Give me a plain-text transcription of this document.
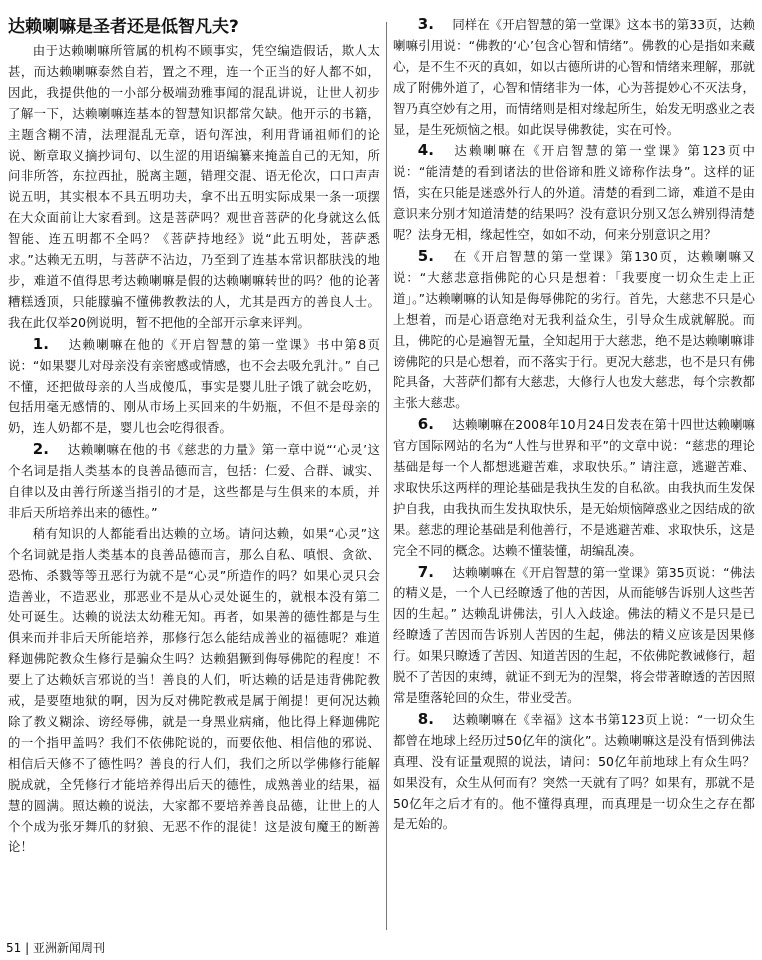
达赖喇嘛是圣者还是低智凡夫?

由于达赖喇嘛所管属的机构不顾事实，凭空编造假话，欺人太甚，而达赖喇嘛泰然自若，置之不理，连一个正当的好人都不如，因此，我提供他的一小部分极端劲雅事闻的混乱讲说，让世人初步了解一下，达赖喇嘛连基本的智慧知识都常欠缺。他开示的书籍，主题含糊不清，法理混乱无章，语句浑浊，利用背诵祖师们的论说、断章取义摘抄词句、以生涩的用语编纂来掩盖自己的无知，所问非所答，东拉西扯，脱离主题，错理交混、语无伦次，口口声声说五明，其实根本不具五明功夫，拿不出五明实际成果一条一项摆在大众面前让大家看到。这是菩萨吗？观世音菩萨的化身就这么低智能、连五明都不全吗？《菩萨持地经》说“此五明处，菩萨悉求。”达赖无五明，与菩萨不沾边，乃至到了连基本常识都肤浅的地步，难道不值得思考达赖喇嘛是假的达赖喇嘛转世的吗？他的论著糟糕透顶，只能朦骗不懂佛教教法的人，尤其是西方的善良人士。我在此仅举20例说明，暂不把他的全部开示拿来评判。

1. 达赖喇嘛在他的《开启智慧的第一堂课》书中第8页说：“如果婴儿对母亲没有亲密感或情感，也不会去吸允乳汁。” 自己不懂，还把做母亲的人当成傻瓜，事实是婴儿肚子饿了就会吃奶，包括用毫无感情的、刚从市场上买回来的牛奶瓶，不但不是母亲的奶，连人奶都不是，婴儿也会吃得很香。

2. 达赖喇嘛在他的书《慈悲的力量》第一章中说“‘心灵’这个名词是指人类基本的良善品德而言，包括：仁爱、合群、诚实、自律以及由善行所遂当指引的才是，这些都是与生俱来的本质，并非后天所培养出来的德性。”

稍有知识的人都能看出达赖的立场。请问达赖，如果“心灵”这个名词就是指人类基本的良善品德而言，那么自私、嗔恨、贪欲、恐怖、杀戮等等丑恶行为就不是“心灵”所造作的吗？如果心灵只会造善业，不造恶业，那恶业不是从心灵处诞生的，就根本没有第二处可诞生。达赖的说法太幼稚无知。再者，如果善的德性都是与生俱来而并非后天所能培养，那修行怎么能结成善业的福德呢？难道释迦佛陀教众生修行是骗众生吗？达赖猖獗到侮辱佛陀的程度！不要上了达赖妖言邪说的当！善良的人们，听达赖的话是违背佛陀教戒，是要堕地狱的啊，因为反对佛陀教戒是属于阐提！更何况达赖除了教义糊涂、谤经辱佛，就是一身黑业病痛，他比得上释迦佛陀的一个指甲盖吗？我们不依佛陀说的，而要依他、相信他的邪说、相信后天修不了德性吗？善良的行人们，我们之所以学佛修行能解脱成就，全凭修行才能培养得出后天的德性，成熟善业的结果，福慧的圆满。照达赖的说法，大家都不要培养善良品德，让世上的人个个成为张牙舞爪的豺狼、无恶不作的混徒！这是波旬魔王的断善论！

3. 同样在《开启智慧的第一堂课》这本书的第33页，达赖喇嘛引用说：“佛教的‘心’包含心智和情绪”。佛教的心是指如来藏心，是不生不灭的真如，如以古德所讲的心智和情绪来理解，那就成了附佛外道了，心智和情绪非为一体，心为菩提妙心不灭法身，智乃真空妙有之用，而情绪则是相对缘起所生，始发无明惑业之表显，是生死烦恼之根。如此误导佛教徒，实在可怜。

4. 达赖喇嘛在《开启智慧的第一堂课》第123页中说：“能清楚的看到诸法的世俗谛和胜义谛称作法身”。这样的证悟，实在只能是迷惑外行人的外道。清楚的看到二谛，难道不是由意识来分别才知道清楚的结果吗？没有意识分别又怎么辨别得清楚呢？法身无相，缘起性空，如如不动，何来分别意识之用？

5. 在《开启智慧的第一堂课》第130页，达赖喇嘛又说：“大慈悲意指佛陀的心只是想着：「我要度一切众生走上正道」。”达赖喇嘛的认知是侮辱佛陀的劣行。首先，大慈悲不只是心上想着，而是心语意绝对无我利益众生，引导众生成就解脱。而且，佛陀的心是遍智无量，全知起用于大慈悲，绝不是达赖喇嘛诽谤佛陀的只是心想着，而不落实于行。更况大慈悲，也不是只有佛陀具备，大菩萨们都有大慈悲，大修行人也发大慈悲，每个宗教都主张大慈悲。

6. 达赖喇嘛在2008年10月24日发表在第十四世达赖喇嘛官方国际网站的名为“人性与世界和平”的文章中说：“慈悲的理论基础是每一个人都想逃避苦难，求取快乐。” 请注意，逃避苦难、求取快乐这两样的理论基础是我执生发的自私欲。由我执而生发保护自我，由我执而生发执取快乐，是无始烦恼障惑业之因结成的欲果。慈悲的理论基础是利他善行，不是逃避苦难、求取快乐，这是完全不同的概念。达赖不懂装懂，胡编乱凑。

7. 达赖喇嘛在《开启智慧的第一堂课》第35页说：“佛法的精义是，一个人已经瞭透了他的苦因，从而能够告诉别人这些苦因的生起。” 达赖乱讲佛法，引人入歧途。佛法的精义不是只是已经瞭透了苦因而告诉别人苦因的生起，佛法的精义应该是因果修行。如果只瞭透了苦因、知道苦因的生起，不依佛陀教诫修行，超脱不了苦因的束缚，就证不到无为的涅槃，将会带著瞭透的苦因照常是堕落轮回的众生，带业受苦。

8. 达赖喇嘛在《幸福》这本书第123页上说：“一切众生都曾在地球上经历过50亿年的演化”。达赖喇嘛这是没有悟到佛法真理、没有证量观照的说法，请问：50亿年前地球上有众生吗？如果没有，众生从何而有？突然一天就有了吗？如果有，那就不是50亿年之后才有的。他不懂得真理，而真理是一切众生之存在都是无始的。

51 | 亚洲新闻周刊
